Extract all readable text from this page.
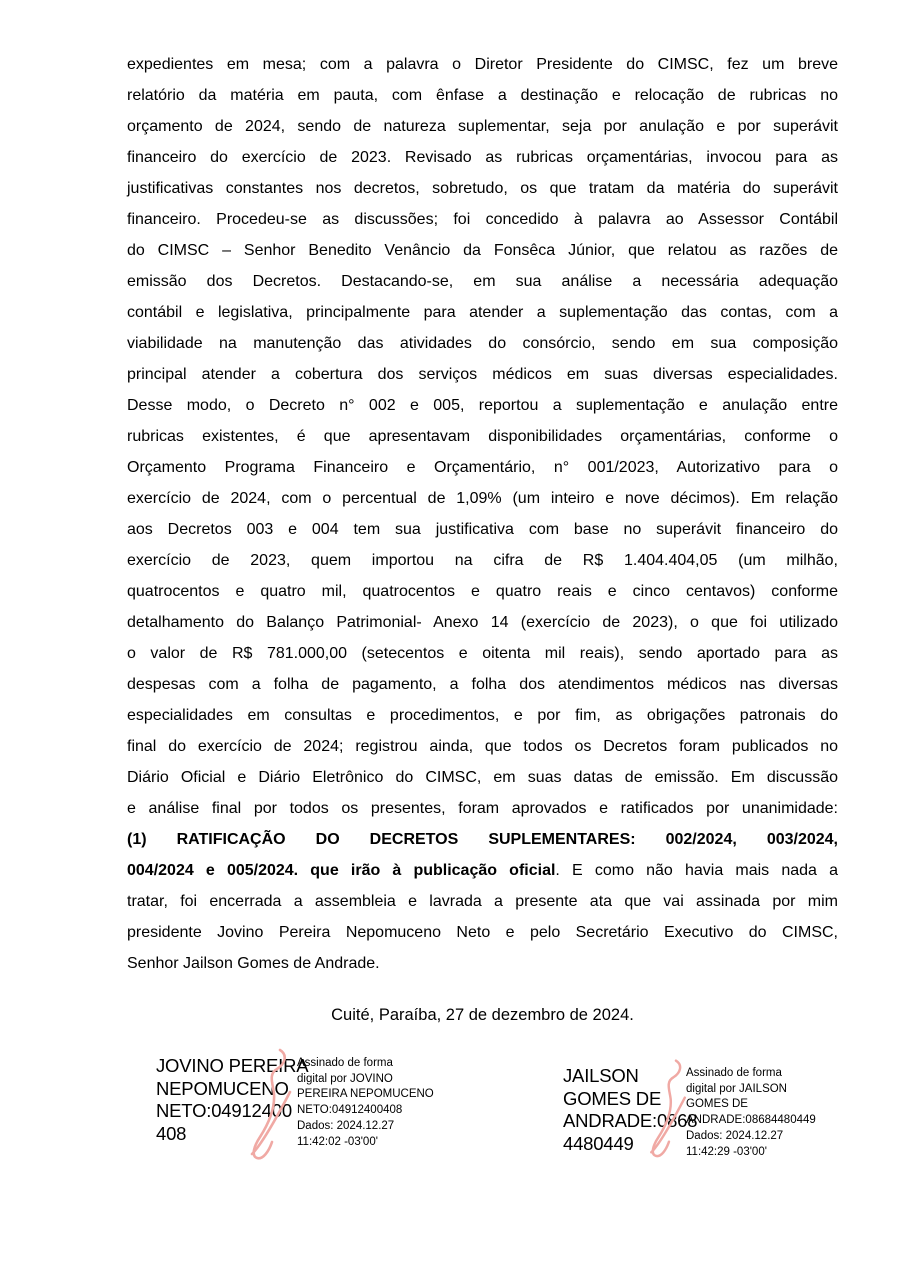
expedientes em mesa; com a palavra o Diretor Presidente do CIMSC, fez um breve
relatório da matéria em pauta, com ênfase a destinação e relocação de rubricas no
orçamento de 2024, sendo de natureza suplementar, seja por anulação e por superávit
financeiro do exercício de 2023. Revisado as rubricas orçamentárias, invocou para as
justificativas constantes nos decretos, sobretudo, os que tratam da matéria do superávit
financeiro. Procedeu-se as discussões; foi concedido à palavra ao Assessor Contábil
do CIMSC – Senhor Benedito Venâncio da Fonsêca Júnior, que relatou as razões de
emissão dos Decretos. Destacando-se, em sua análise a necessária adequação
contábil e legislativa, principalmente para atender a suplementação das contas, com a
viabilidade na manutenção das atividades do consórcio, sendo em sua composição
principal atender a cobertura dos serviços médicos em suas diversas especialidades.
Desse modo, o Decreto n° 002 e 005, reportou a suplementação e anulação entre
rubricas existentes, é que apresentavam disponibilidades orçamentárias, conforme o
Orçamento Programa Financeiro e Orçamentário, n° 001/2023, Autorizativo para o
exercício de 2024, com o percentual de 1,09% (um inteiro e nove décimos). Em relação
aos Decretos 003 e 004 tem sua justificativa com base no superávit financeiro do
exercício de 2023, quem importou na cifra de R$ 1.404.404,05 (um milhão,
quatrocentos e quatro mil, quatrocentos e quatro reais e cinco centavos) conforme
detalhamento do Balanço Patrimonial- Anexo 14 (exercício de 2023), o que foi utilizado
o valor de R$ 781.000,00 (setecentos e oitenta mil reais), sendo aportado para as
despesas com a folha de pagamento, a folha dos atendimentos médicos nas diversas
especialidades em consultas e procedimentos, e por fim, as obrigações patronais do
final do exercício de 2024; registrou ainda, que todos os Decretos foram publicados no
Diário Oficial e Diário Eletrônico do CIMSC, em suas datas de emissão. Em discussão
e análise final por todos os presentes, foram aprovados e ratificados por unanimidade:
(1) RATIFICAÇÃO DO DECRETOS SUPLEMENTARES: 002/2024, 003/2024,
004/2024 e 005/2024. que irão à publicação oficial. E como não havia mais nada a
tratar, foi encerrada a assembleia e lavrada a presente ata que vai assinada por mim
presidente Jovino Pereira Nepomuceno Neto e pelo Secretário Executivo do CIMSC,
Senhor Jailson Gomes de Andrade.
Cuité, Paraíba, 27 de dezembro de 2024.
JOVINO PEREIRA
NEPOMUCENO
NETO:04912400
408
Assinado de forma
digital por JOVINO
PEREIRA NEPOMUCENO
NETO:04912400408
Dados: 2024.12.27
11:42:02 -03'00'
JAILSON
GOMES DE
ANDRADE:0868
4480449
Assinado de forma
digital por JAILSON
GOMES DE
ANDRADE:08684480449
Dados: 2024.12.27
11:42:29 -03'00'
